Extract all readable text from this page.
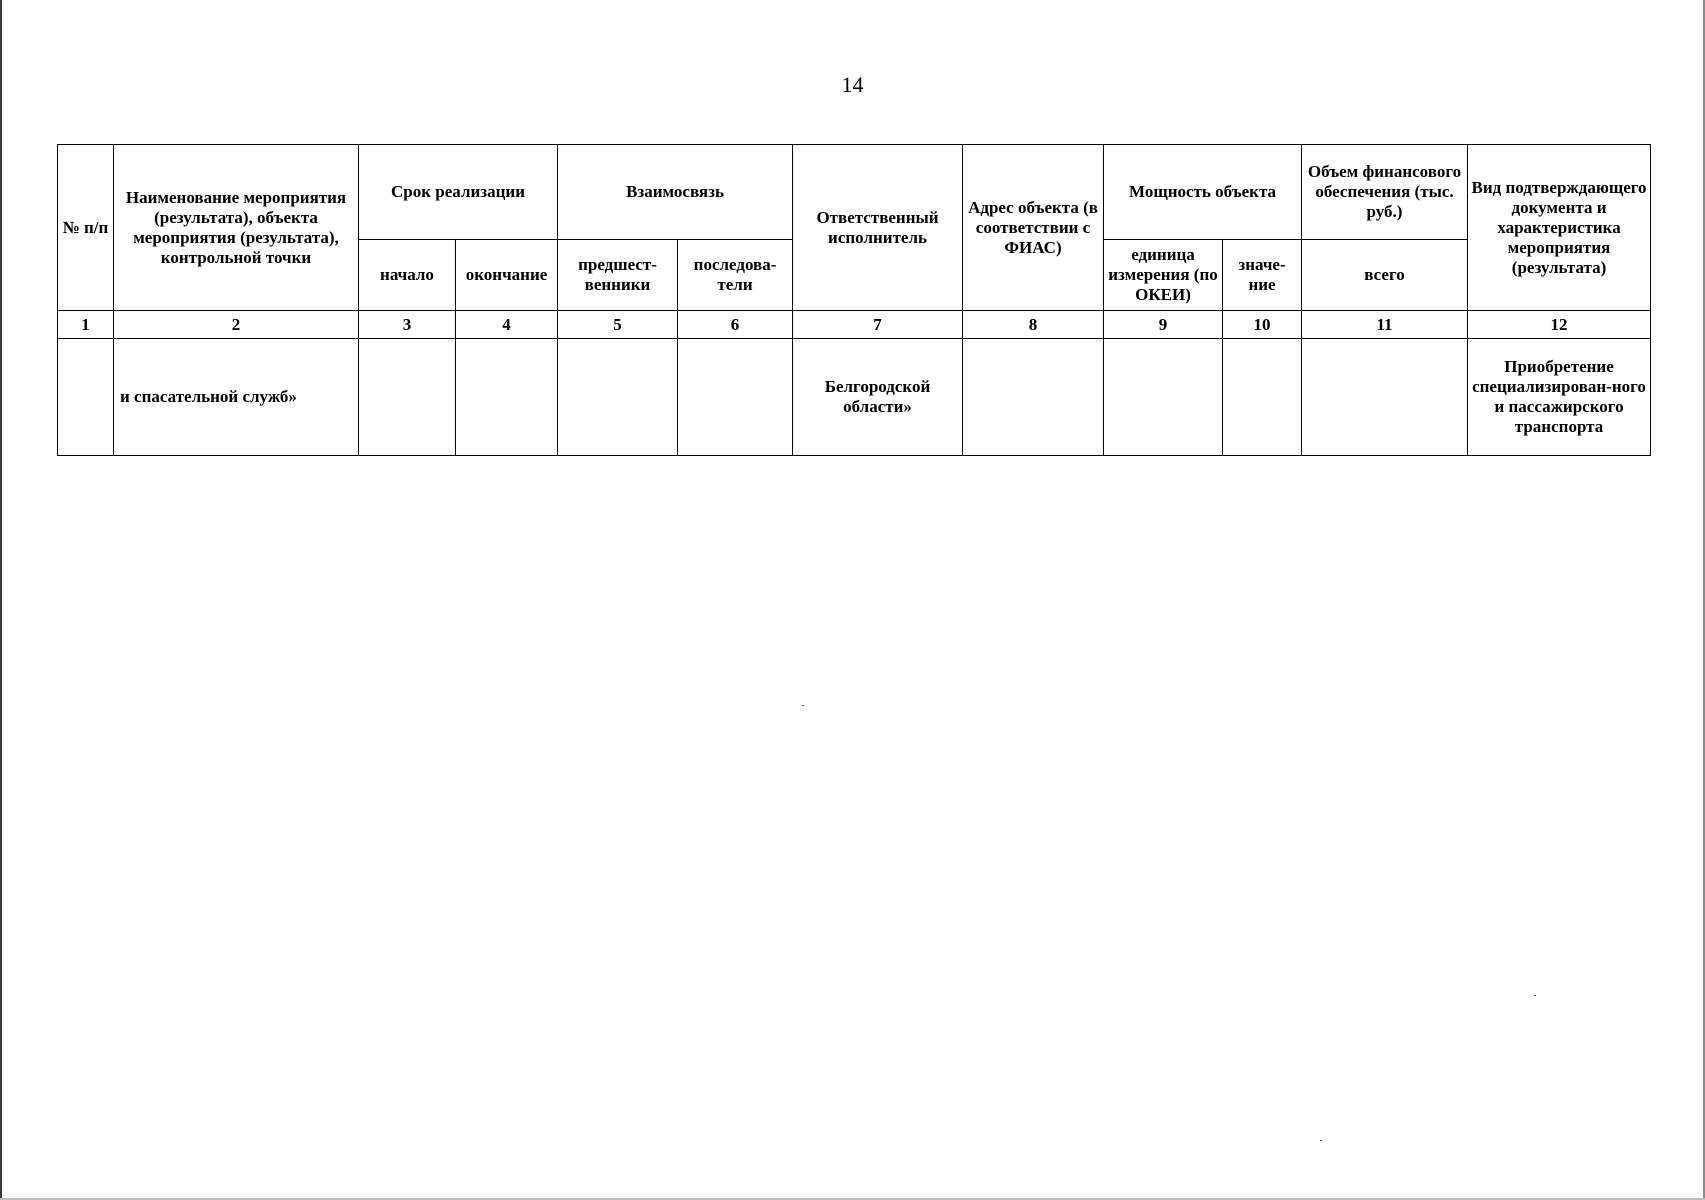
14
№ п/п	Наименование мероприятия (результата), объекта мероприятия (результата), контрольной точки	Срок реализации		Взаимосвязь		Ответственный исполнитель	Адрес объекта (в соответствии с ФИАС)	Мощность объекта		Объем финансового обеспечения (тыс. руб.)	Вид подтверждающего документа и характеристика мероприятия (результата)
		начало	окончание	предшест-венники	последова-тели			единица измерения (по ОКЕИ)	значе-ние	всего	
1	2	3	4	5	6	7	8	9	10	11	12
	и спасательной служб»					Белгородской области»					Приобретение специализирован-ного и пассажирского транспорта
